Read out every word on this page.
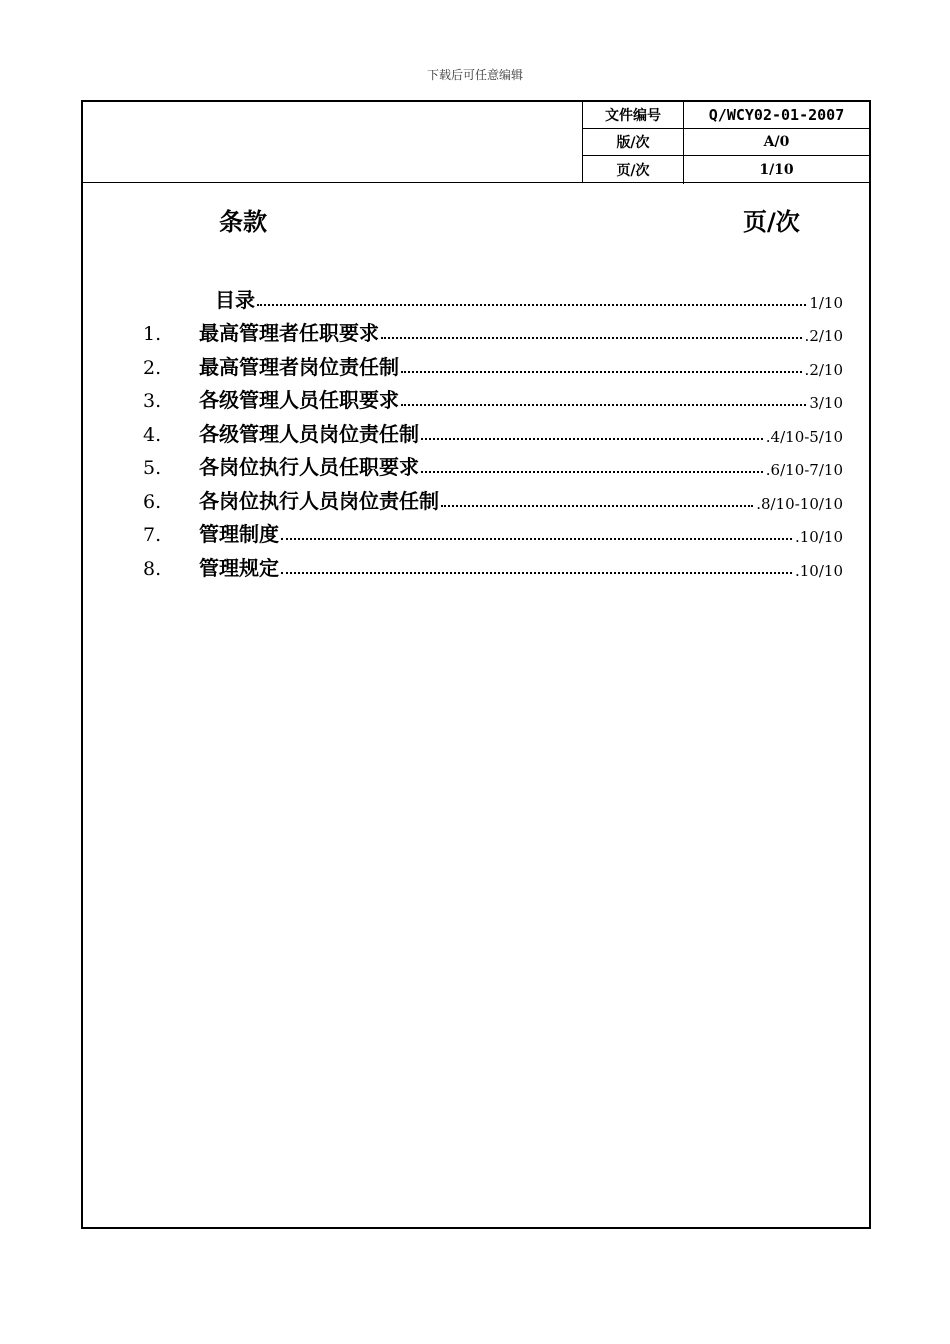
下载后可任意编辑
文件编号	Q/WCY02-01-2007
版/次	A/0
页/次	1/10
条款	页/次
目录	1/10
1.	最高管理者任职要求	.2/10
2.	最高管理者岗位责任制	.2/10
3.	各级管理人员任职要求	3/10
4.	各级管理人员岗位责任制	.4/10-5/10
5.	各岗位执行人员任职要求	.6/10-7/10
6.	各岗位执行人员岗位责任制	.8/10-10/10
7.	管理制度	.10/10
8.	管理规定	.10/10
